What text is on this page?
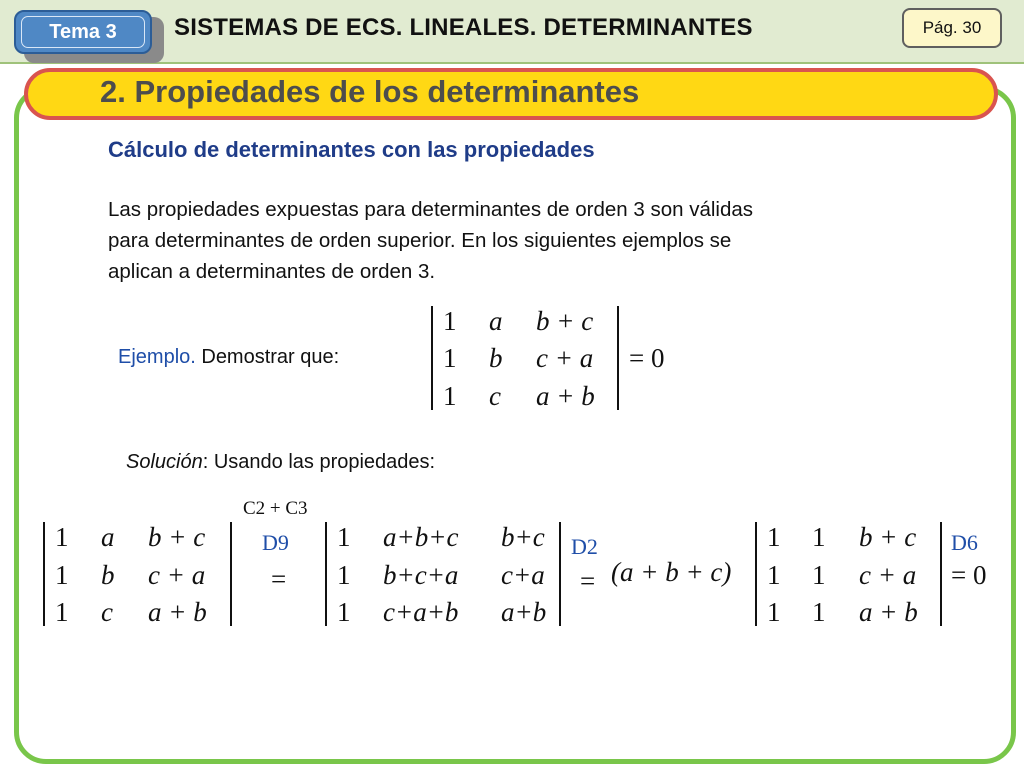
Tema 3	SISTEMAS DE ECS. LINEALES. DETERMINANTES	Pág. 30
2. Propiedades de los determinantes
Cálculo de determinantes con las propiedades
Las propiedades expuestas para determinantes de orden 3 son válidas
para determinantes de orden superior. En los siguientes ejemplos se
aplican a determinantes de orden 3.
Ejemplo. Demostrar que:
1 a b + c
1 b c + a
1 c a + b
= 0
Solución: Usando las propiedades:
1 a b + c
1 b c + a
1 c a + b
C2 + C3
D9
=
1 a+b+c b+c
1 b+c+a c+a
1 c+a+b a+b
D2
= (a + b + c)
1 1 b + c
1 1 c + a
1 1 a + b
D6
= 0
